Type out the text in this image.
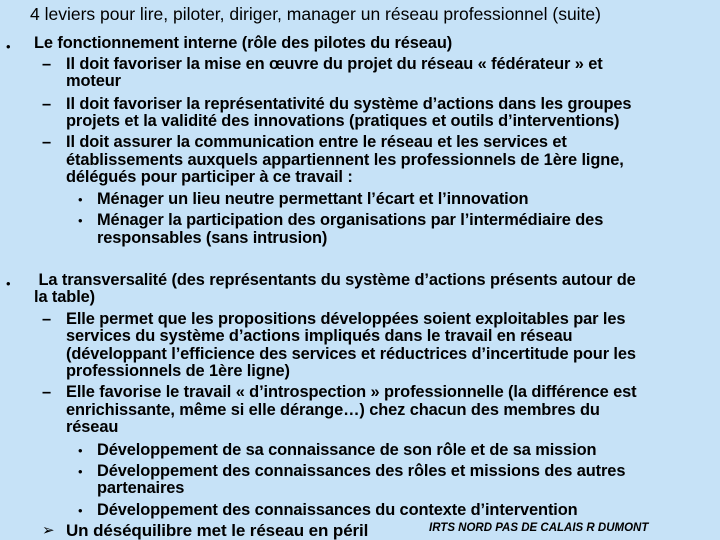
4 leviers pour lire, piloter, diriger, manager un réseau professionnel (suite)
• Le fonctionnement interne (rôle des pilotes du réseau)
– Il doit favoriser la mise en œuvre du projet du réseau « fédérateur » et
moteur
– Il doit favoriser la représentativité du système d’actions dans les groupes
projets et la validité des innovations (pratiques et outils d’interventions)
– Il doit assurer la communication entre le réseau et les services et
établissements auxquels appartiennent les professionnels de 1ère ligne,
délégués pour participer à ce travail :
• Ménager un lieu neutre permettant l’écart et l’innovation
• Ménager la participation des organisations par l’intermédiaire des
responsables (sans intrusion)
• La transversalité (des représentants du système d’actions présents autour de
la table)
– Elle permet que les propositions développées soient exploitables par les
services du système d’actions impliqués dans le travail en réseau
(développant l’efficience des services et réductrices d’incertitude pour les
professionnels de 1ère ligne)
– Elle favorise le travail « d’introspection » professionnelle (la différence est
enrichissante, même si elle dérange…) chez chacun des membres du
réseau
• Développement de sa connaissance de son rôle et de sa mission
• Développement des connaissances des rôles et missions des autres
partenaires
• Développement des connaissances du contexte d’intervention
➢ Un déséquilibre met le réseau en péril	IRTS NORD PAS DE CALAIS R DUMONT
